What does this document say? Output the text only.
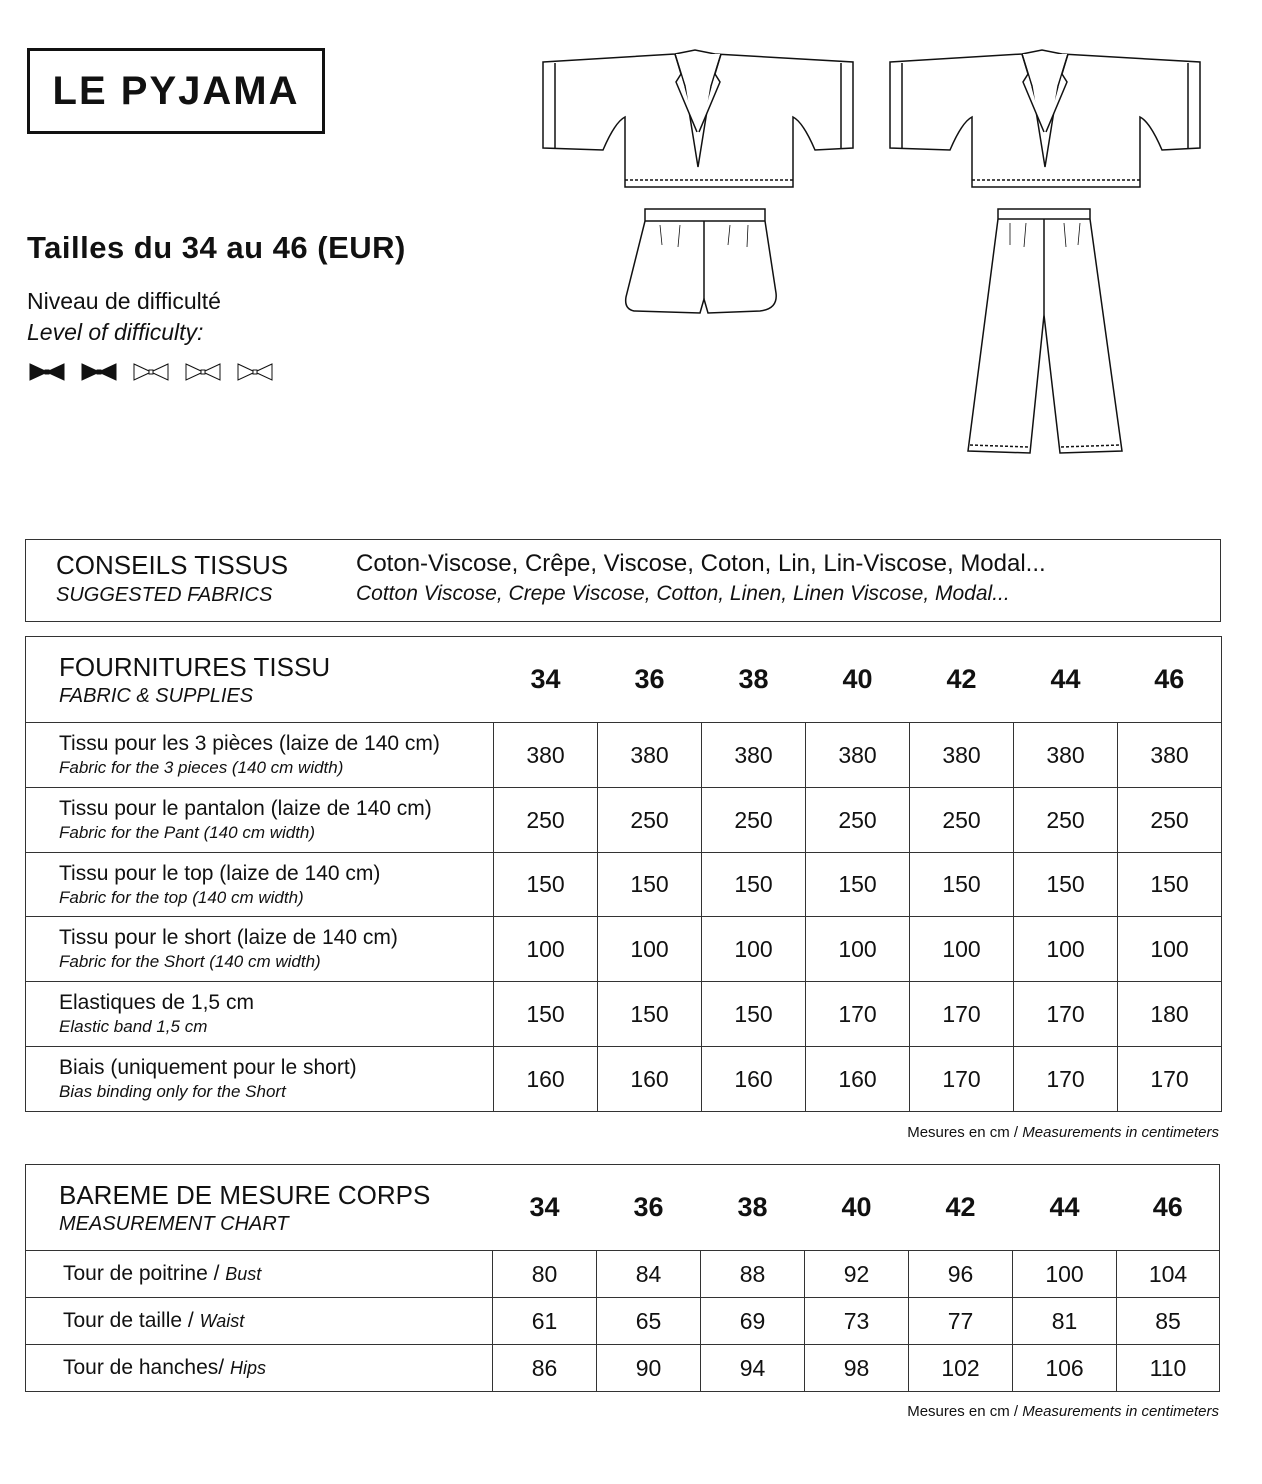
LE PYJAMA
Tailles du 34 au 46 (EUR)
Niveau de difficulté
Level of difficulty:
CONSEILS TISSUS
SUGGESTED FABRICS
Coton-Viscose, Crêpe, Viscose, Coton, Lin, Lin-Viscose, Modal...
Cotton Viscose, Crepe Viscose, Cotton, Linen, Linen Viscose, Modal...
FOURNITURES TISSU
FABRIC & SUPPLIES	34	36	38	40	42	44	46

Tissu pour les 3 pièces (laize de 140 cm)
Fabric for the 3 pieces (140 cm width)	380	380	380	380	380	380	380

Tissu pour le pantalon (laize de 140 cm)
Fabric for the Pant (140 cm width)	250	250	250	250	250	250	250

Tissu pour le top (laize de 140 cm)
Fabric for the top (140 cm width)	150	150	150	150	150	150	150

Tissu pour le short (laize de 140 cm)
Fabric for the Short (140 cm width)	100	100	100	100	100	100	100

Elastiques de 1,5 cm
Elastic band 1,5 cm	150	150	150	170	170	170	180

Biais (uniquement pour le short)
Bias binding only for the Short	160	160	160	160	170	170	170
Mesures en cm / Measurements in centimeters
BAREME DE MESURE CORPS
MEASUREMENT CHART	34	36	38	40	42	44	46
Tour de poitrine / Bust	80	84	88	92	96	100	104
Tour de taille / Waist	61	65	69	73	77	81	85
Tour de hanches/ Hips	86	90	94	98	102	106	110
Mesures en cm / Measurements in centimeters
